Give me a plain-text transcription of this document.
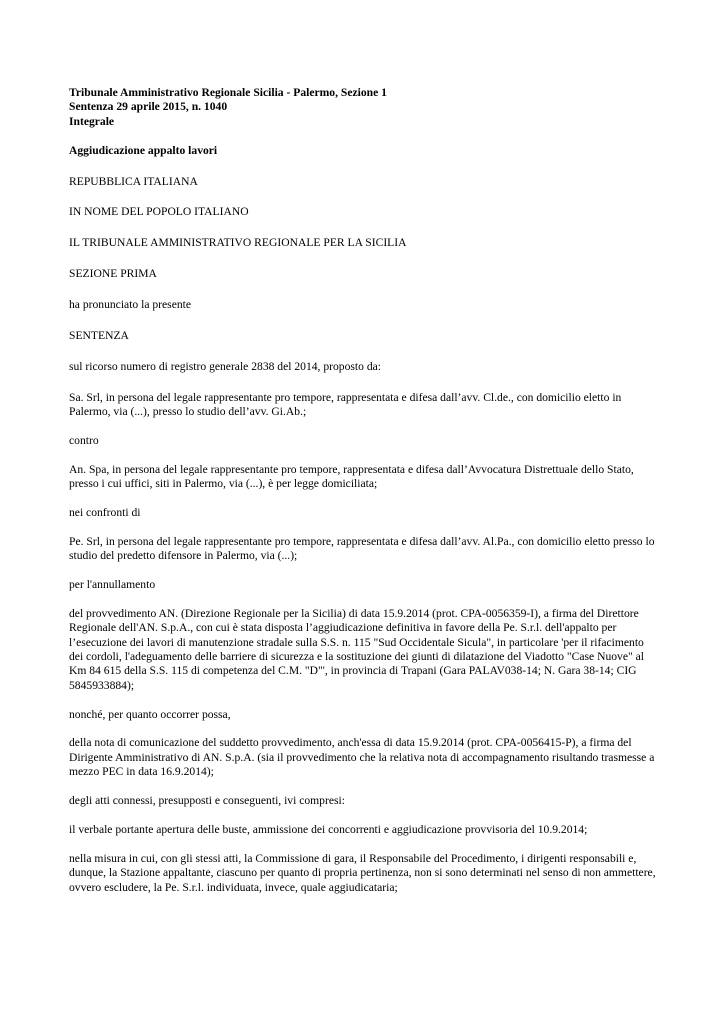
Tribunale Amministrativo Regionale Sicilia - Palermo, Sezione 1
Sentenza 29 aprile 2015, n. 1040
Integrale

Aggiudicazione appalto lavori

REPUBBLICA ITALIANA

IN NOME DEL POPOLO ITALIANO

IL TRIBUNALE AMMINISTRATIVO REGIONALE PER LA SICILIA

SEZIONE PRIMA

ha pronunciato la presente

SENTENZA

sul ricorso numero di registro generale 2838 del 2014, proposto da:

Sa. Srl, in persona del legale rappresentante pro tempore, rappresentata e difesa dall’avv. Cl.de., con domicilio eletto in Palermo, via (...), presso lo studio dell’avv. Gi.Ab.;

contro

An. Spa, in persona del legale rappresentante pro tempore, rappresentata e difesa dall’Avvocatura Distrettuale dello Stato, presso i cui uffici, siti in Palermo, via (...), è per legge domiciliata;

nei confronti di

Pe. Srl, in persona del legale rappresentante pro tempore, rappresentata e difesa dall’avv. Al.Pa., con domicilio eletto presso lo studio del predetto difensore in Palermo, via (...);

per l'annullamento

del provvedimento AN. (Direzione Regionale per la Sicilia) di data 15.9.2014 (prot. CPA-0056359-I), a firma del Direttore Regionale dell'AN. S.p.A., con cui è stata disposta l’aggiudicazione definitiva in favore della Pe. S.r.l. dell'appalto per l’esecuzione dei lavori di manutenzione stradale sulla S.S. n. 115 "Sud Occidentale Sicula", in particolare 'per il rifacimento dei cordoli, l'adeguamento delle barriere di sicurezza e la sostituzione dei giunti di dilatazione del Viadotto "Case Nuove" al Km 84 615 della S.S. 115 di competenza del C.M. "D"', in provincia di Trapani (Gara PALAV038-14; N. Gara 38-14; CIG 5845933884);

nonché, per quanto occorrer possa,

della nota di comunicazione del suddetto provvedimento, anch'essa di data 15.9.2014 (prot. CPA-0056415-P), a firma del Dirigente Amministrativo di AN. S.p.A. (sia il provvedimento che la relativa nota di accompagnamento risultando trasmesse a mezzo PEC in data 16.9.2014);

degli atti connessi, presupposti e conseguenti, ivi compresi:

il verbale portante apertura delle buste, ammissione dei concorrenti e aggiudicazione provvisoria del 10.9.2014;

nella misura in cui, con gli stessi atti, la Commissione di gara, il Responsabile del Procedimento, i dirigenti responsabili e, dunque, la Stazione appaltante, ciascuno per quanto di propria pertinenza, non si sono determinati nel senso di non ammettere, ovvero escludere, la Pe. S.r.l. individuata, invece, quale aggiudicataria;
